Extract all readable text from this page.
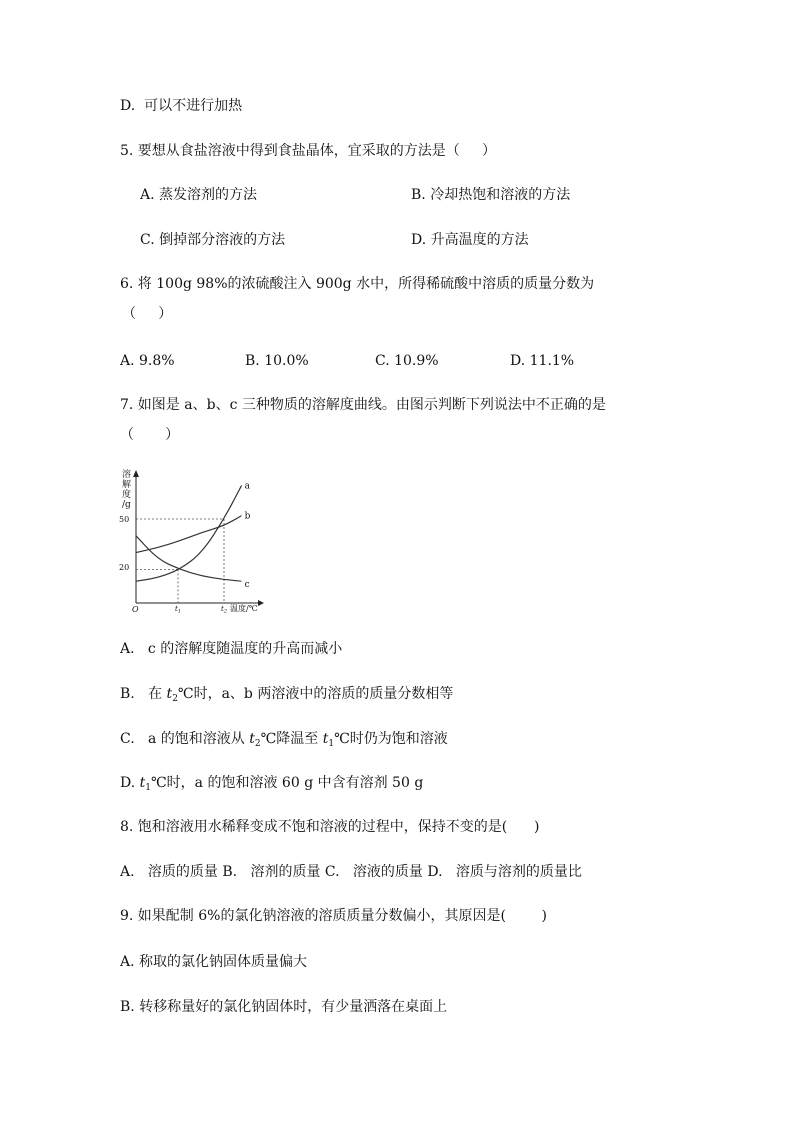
D.  可以不进行加热
5. 要想从食盐溶液中得到食盐晶体，宜采取的方法是（     ）
A. 蒸发溶剂的方法	B. 冷却热饱和溶液的方法
C. 倒掉部分溶液的方法	D. 升高温度的方法
6. 将 100g 98%的浓硫酸注入 900g 水中，所得稀硫酸中溶质的质量分数为
（     ）
A. 9.8%	B. 10.0%	C. 10.9%	D. 11.1%
7. 如图是 a、b、c 三种物质的溶解度曲线。由图示判断下列说法中不正确的是
（       ）
a
b
c
溶解度/g
50
20
O	$t_1$	$t_2$ 温度/℃
A.   c 的溶解度随温度的升高而减小
B.   在 $t_2℃$时，a、b 两溶液中的溶质的质量分数相等
C.   a 的饱和溶液从 $t_2℃$降温至 $t_1℃$时仍为饱和溶液
D. $t_1℃$时，a 的饱和溶液 60 g 中含有溶剂 50 g
8. 饱和溶液用水稀释变成不饱和溶液的过程中，保持不变的是(      )
A.   溶质的质量 B.   溶剂的质量 C.   溶液的质量 D.   溶质与溶剂的质量比
9. 如果配制 6%的氯化钠溶液的溶质质量分数偏小，其原因是(        )
A. 称取的氯化钠固体质量偏大
B. 转移称量好的氯化钠固体时，有少量洒落在桌面上
